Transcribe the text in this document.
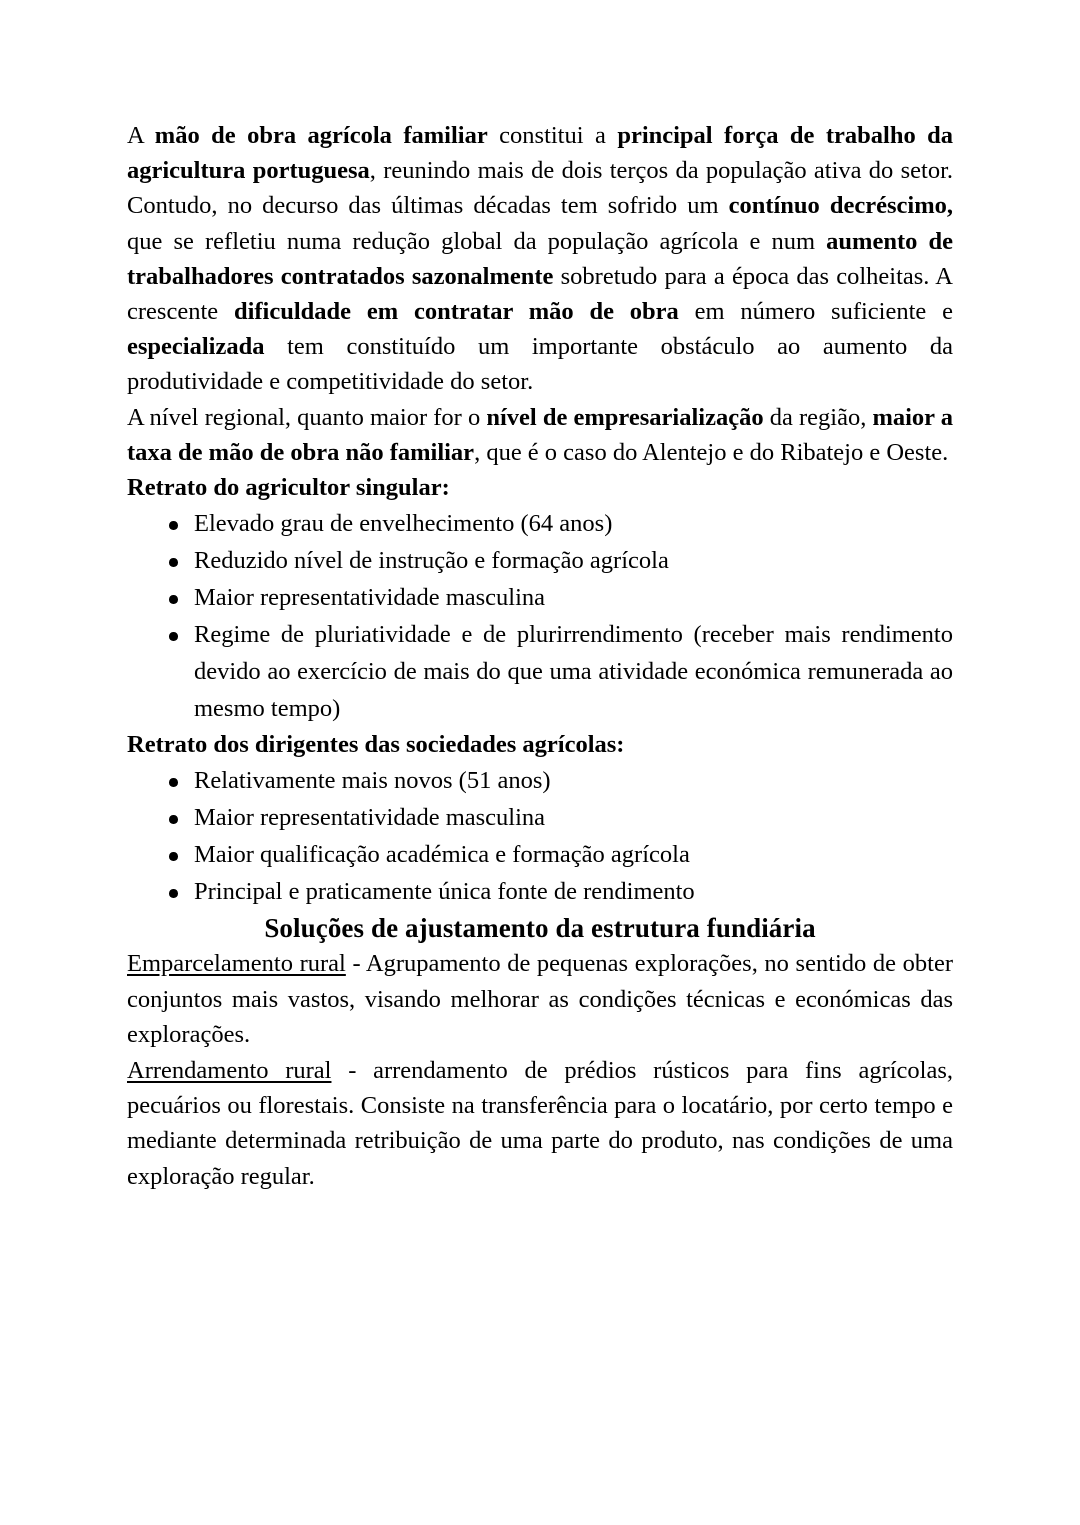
A mão de obra agrícola familiar constitui a principal força de trabalho da agricultura portuguesa, reunindo mais de dois terços da população ativa do setor. Contudo, no decurso das últimas décadas tem sofrido um contínuo decréscimo, que se refletiu numa redução global da população agrícola e num aumento de trabalhadores contratados sazonalmente sobretudo para a época das colheitas. A crescente dificuldade em contratar mão de obra em número suficiente e especializada tem constituído um importante obstáculo ao aumento da produtividade e competitividade do setor.

A nível regional, quanto maior for o nível de empresarialização da região, maior a taxa de mão de obra não familiar, que é o caso do Alentejo e do Ribatejo e Oeste.

Retrato do agricultor singular:
Elevado grau de envelhecimento (64 anos)
Reduzido nível de instrução e formação agrícola
Maior representatividade masculina
Regime de pluriatividade e de plurirrendimento (receber mais rendimento devido ao exercício de mais do que uma atividade económica remunerada ao mesmo tempo)
Retrato dos dirigentes das sociedades agrícolas:
Relativamente mais novos (51 anos)
Maior representatividade masculina
Maior qualificação académica e formação agrícola
Principal e praticamente única fonte de rendimento
Soluções de ajustamento da estrutura fundiária

Emparcelamento rural - Agrupamento de pequenas explorações, no sentido de obter conjuntos mais vastos, visando melhorar as condições técnicas e económicas das explorações.

Arrendamento rural - arrendamento de prédios rústicos para fins agrícolas, pecuários ou florestais. Consiste na transferência para o locatário, por certo tempo e mediante determinada retribuição de uma parte do produto, nas condições de uma exploração regular.
